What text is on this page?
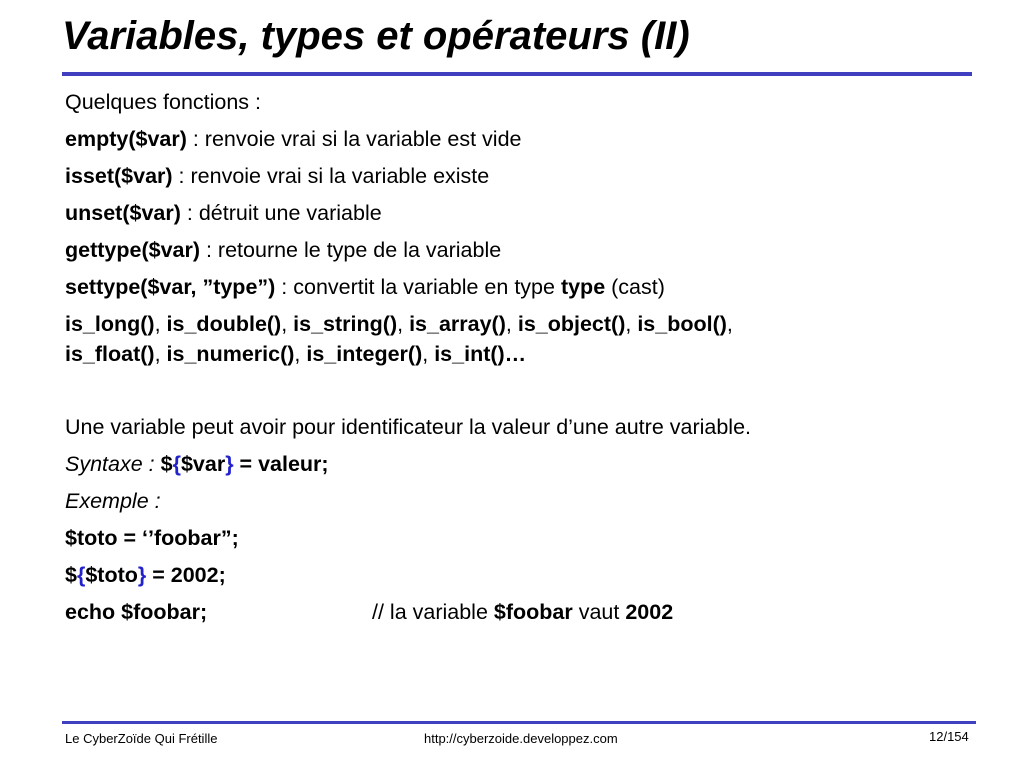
Variables, types et opérateurs (II)

Quelques fonctions :

empty($var) : renvoie vrai si la variable est vide

isset($var) : renvoie vrai si la variable existe

unset($var) : détruit une variable

gettype($var) : retourne le type de la variable

settype($var, ”type”) : convertit la variable en type type (cast)

is_long(), is_double(), is_string(), is_array(), is_object(), is_bool(),

is_float(), is_numeric(), is_integer(), is_int()…

Une variable peut avoir pour identificateur la valeur d’une autre variable.

Syntaxe : ${$var} = valeur;

Exemple :

$toto = ‘’foobar”;

${$toto} = 2002;

echo $foobar;	// la variable $foobar vaut 2002

Le CyberZoïde Qui Frétille	http://cyberzoide.developpez.com	12/154
